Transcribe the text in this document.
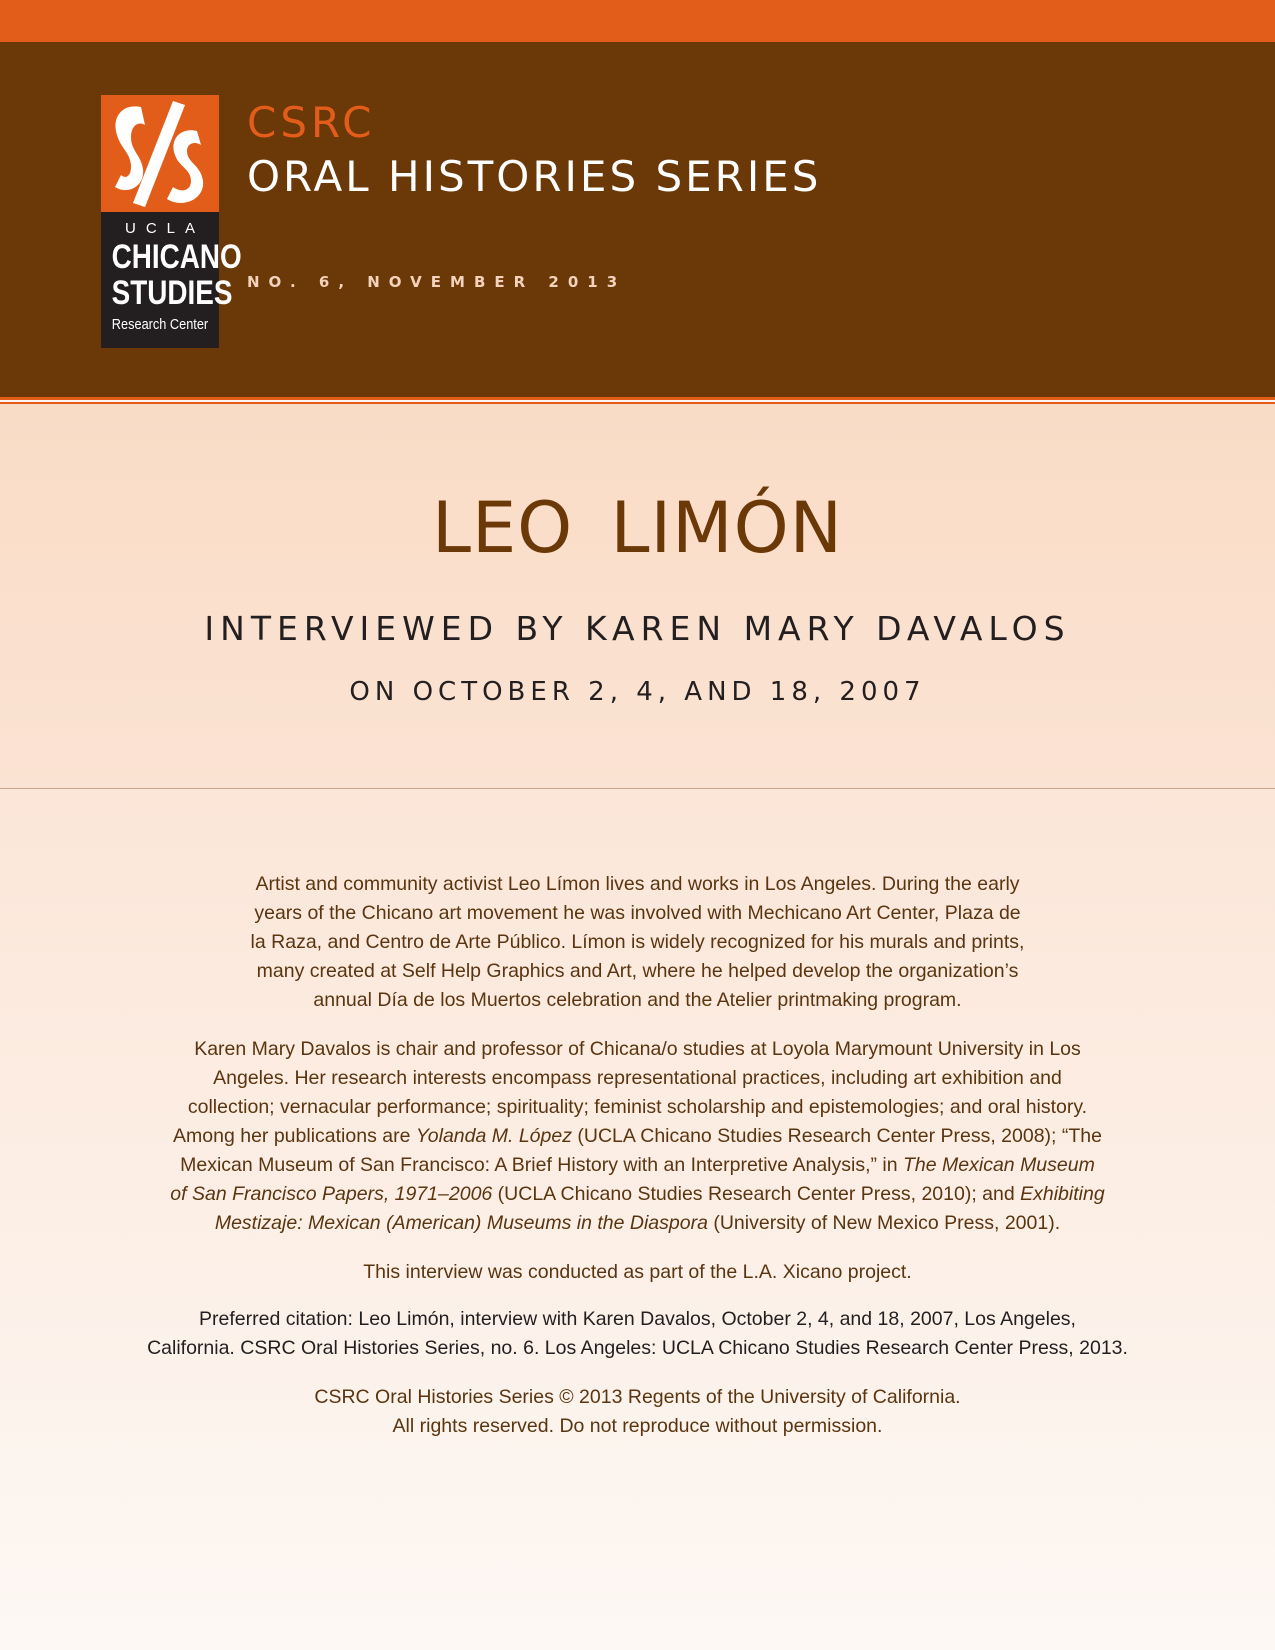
UCLA
CHICANO
STUDIES
Research Center
CSRC
ORAL HISTORIES SERIES
NO. 6, NOVEMBER 2013
LEO LIMÓN
INTERVIEWED BY KAREN MARY DAVALOS
ON OCTOBER 2, 4, AND 18, 2007
Artist and community activist Leo Límon lives and works in Los Angeles. During the early
years of the Chicano art movement he was involved with Mechicano Art Center, Plaza de
la Raza, and Centro de Arte Público. Límon is widely recognized for his murals and prints,
many created at Self Help Graphics and Art, where he helped develop the organization’s
annual Día de los Muertos celebration and the Atelier printmaking program.
Karen Mary Davalos is chair and professor of Chicana/o studies at Loyola Marymount University in Los
Angeles. Her research interests encompass representational practices, including art exhibition and
collection; vernacular performance; spirituality; feminist scholarship and epistemologies; and oral history.
Among her publications are Yolanda M. López (UCLA Chicano Studies Research Center Press, 2008); “The
Mexican Museum of San Francisco: A Brief History with an Interpretive Analysis,” in The Mexican Museum
of San Francisco Papers, 1971–2006 (UCLA Chicano Studies Research Center Press, 2010); and Exhibiting
Mestizaje: Mexican (American) Museums in the Diaspora (University of New Mexico Press, 2001).
This interview was conducted as part of the L.A. Xicano project.
Preferred citation: Leo Limón, interview with Karen Davalos, October 2, 4, and 18, 2007, Los Angeles,
California. CSRC Oral Histories Series, no. 6. Los Angeles: UCLA Chicano Studies Research Center Press, 2013.
CSRC Oral Histories Series © 2013 Regents of the University of California.
All rights reserved. Do not reproduce without permission.
